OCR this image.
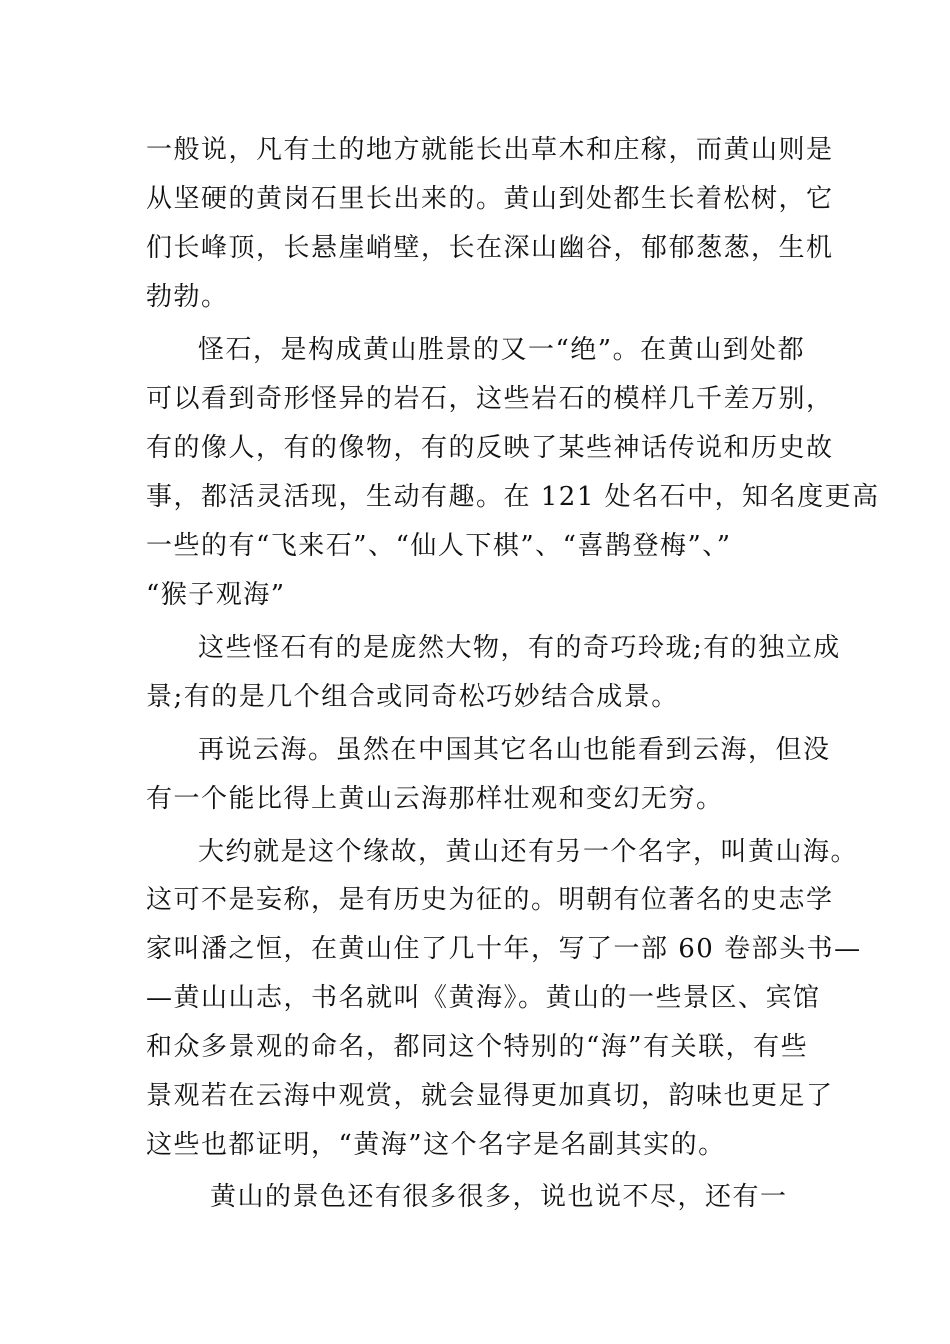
一般说，凡有土的地方就能长出草木和庄稼，而黄山则是

从坚硬的黄岗石里长出来的。黄山到处都生长着松树，它

们长峰顶，长悬崖峭壁，长在深山幽谷，郁郁葱葱，生机

勃勃。

怪石，是构成黄山胜景的又一“绝”。在黄山到处都

可以看到奇形怪异的岩石，这些岩石的模样几千差万别，

有的像人，有的像物，有的反映了某些神话传说和历史故

事，都活灵活现，生动有趣。在 121 处名石中，知名度更高

一些的有“飞来石”、“仙人下棋”、“喜鹊登梅”、”

“猴子观海”

这些怪石有的是庞然大物，有的奇巧玲珑;有的独立成

景;有的是几个组合或同奇松巧妙结合成景。

再说云海。虽然在中国其它名山也能看到云海，但没

有一个能比得上黄山云海那样壮观和变幻无穷。

大约就是这个缘故，黄山还有另一个名字，叫黄山海。

这可不是妄称，是有历史为征的。明朝有位著名的史志学

家叫潘之恒，在黄山住了几十年，写了一部 60 卷部头书—

—黄山山志，书名就叫《黄海》。黄山的一些景区、宾馆

和众多景观的命名，都同这个特别的“海”有关联，有些

景观若在云海中观赏，就会显得更加真切，韵味也更足了

这些也都证明，“黄海”这个名字是名副其实的。

黄山的景色还有很多很多，说也说不尽，还有一
